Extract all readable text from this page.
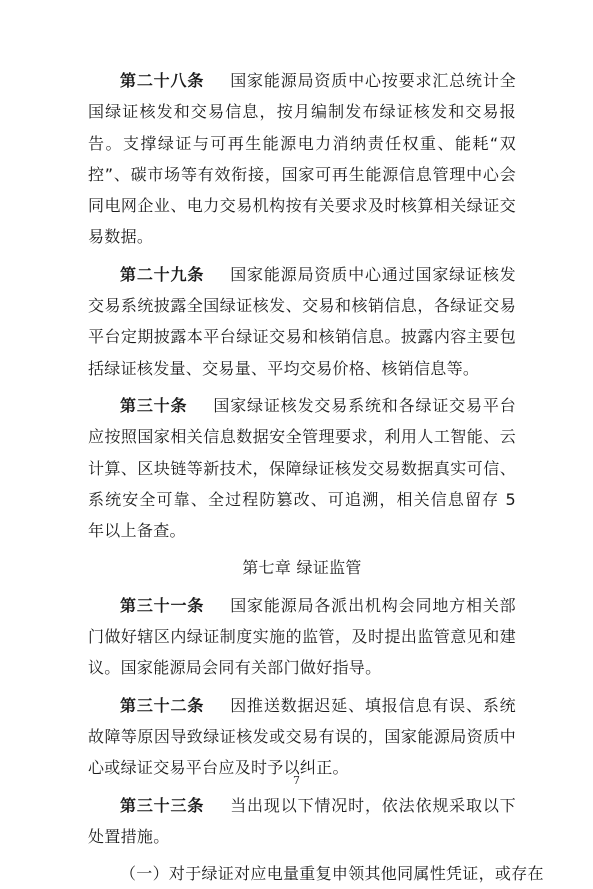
第二十八条 国家能源局资质中心按要求汇总统计全国绿证核发和交易信息，按月编制发布绿证核发和交易报告。支撑绿证与可再生能源电力消纳责任权重、能耗“双控”、碳市场等有效衔接，国家可再生能源信息管理中心会同电网企业、电力交易机构按有关要求及时核算相关绿证交易数据。

第二十九条 国家能源局资质中心通过国家绿证核发交易系统披露全国绿证核发、交易和核销信息，各绿证交易平台定期披露本平台绿证交易和核销信息。披露内容主要包括绿证核发量、交易量、平均交易价格、核销信息等。

第三十条 国家绿证核发交易系统和各绿证交易平台应按照国家相关信息数据安全管理要求，利用人工智能、云计算、区块链等新技术，保障绿证核发交易数据真实可信、系统安全可靠、全过程防篡改、可追溯，相关信息留存 5 年以上备查。

第七章 绿证监管

第三十一条 国家能源局各派出机构会同地方相关部门做好辖区内绿证制度实施的监管，及时提出监管意见和建议。国家能源局会同有关部门做好指导。

第三十二条 因推送数据迟延、填报信息有误、系统故障等原因导致绿证核发或交易有误的，国家能源局资质中心或绿证交易平台应及时予以纠正。

第三十三条 当出现以下情况时，依法依规采取以下处置措施。

（一）对于绿证对应电量重复申领其他同属性凭证，或存在

7
